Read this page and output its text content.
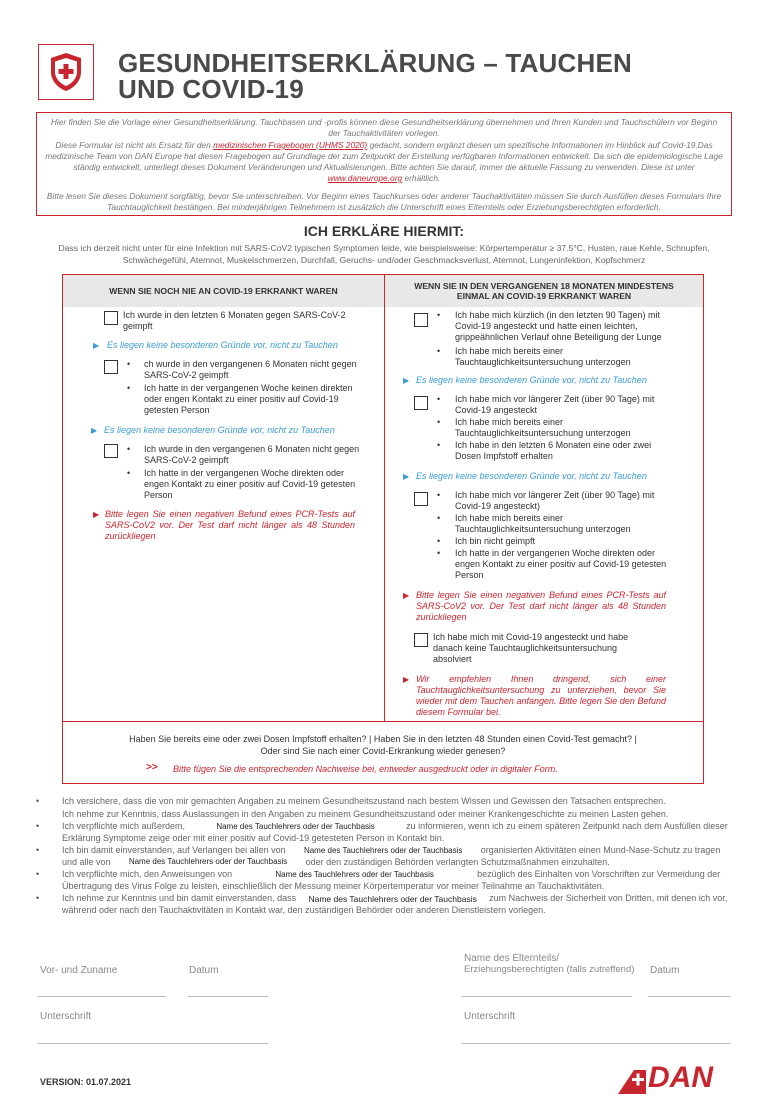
GESUNDHEITSERKLÄRUNG – TAUCHEN
UND COVID-19

Hier finden Sie die Vorlage einer Gesundheitserklärung. Tauchbasen und -profis können diese Gesundheitserklärung übernehmen und Ihren Kunden und Tauchschülern vor Beginn der Tauchaktivitäten vorlegen.

Diese Formular ist nicht als Ersatz für den medizinischen Fragebogen (UHMS 2020) gedacht, sondern ergänzt diesen um spezifische Informationen im Hinblick auf Covid-19.Das medizinische Team von DAN Europe hat diesen Fragebogen auf Grundlage der zum Zeitpunkt der Erstellung verfügbaren Informationen entwickelt. Da sich die epidemiologische Lage ständig entwickelt, unterliegt dieses Dokument Veränderungen und Aktualisierungen. Bitte achten Sie darauf, immer die aktuelle Fassung zu verwenden. Diese ist unter www.daneurope.org erhältlich.

Bitte lesen Sie dieses Dokument sorgfältig, bevor Sie unterschreiben. Vor Beginn eines Tauchkurses oder anderer Tauchaktivitäten müssen Sie durch Ausfüllen dieses Formulars Ihre Tauchtauglichkeit bestätigen. Bei minderjährigen Teilnehmern ist zusätzlich die Unterschrift eines Elternteils oder Erziehungsberechtigten erforderlich.

ICH ERKLÄRE HIERMIT:
Dass ich derzeit nicht unter für eine Infektion mit SARS-CoV2 typischen Symptomen leide, wie beispielsweise: Körpertemperatur ≥ 37.5°C, Husten, raue Kehle, Schnupfen, Schwächegefühl, Atemnot, Muskelschmerzen, Durchfall, Geruchs- und/oder Geschmacksverlust, Atemnot, Lungeninfektion, Kopfschmerz
WENN SIE NOCH NIE AN COVID-19 ERKRANKT WAREN	WENN SIE IN DEN VERGANGENEN 18 MONATEN MINDESTENS EINMAL AN COVID-19 ERKRANKT WAREN
Ich wurde in den letzten 6 Monaten gegen SARS-CoV-2 geimpft
▶ Es liegen keine besonderen Gründe vor, nicht zu Tauchen
• ch wurde in den vergangenen 6 Monaten nicht gegen SARS-CoV-2 geimpft
• Ich hatte in der vergangenen Woche keinen direkten oder engen Kontakt zu einer positiv auf Covid-19 getesten Person
▶ Es liegen keine besonderen Gründe vor, nicht zu Tauchen
• Ich wurde in den vergangenen 6 Monaten nicht gegen SARS-CoV-2 geimpft
• Ich hatte in der vergangenen Woche direkten oder engen Kontakt zu einer positiv auf Covid-19 getesten Person
▶ Bitte legen Sie einen negativen Befund eines PCR-Tests auf SARS-CoV2 vor. Der Test darf nicht länger als 48 Stunden zurückliegen
• Ich habe mich kürzlich (in den letzten 90 Tagen) mit Covid-19 angesteckt und hatte einen leichten, grippeähnlichen Verlauf ohne Beteiligung der Lunge
• Ich habe mich bereits einer Tauchtauglichkeitsuntersuchung unterzogen
▶ Es liegen keine besonderen Gründe vor, nicht zu Tauchen
• Ich habe mich vor längerer Zeit (über 90 Tage) mit Covid-19 angesteckt
• Ich habe mich bereits einer Tauchtauglichkeitsuntersuchung unterzogen
• Ich habe in den letzten 6 Monaten eine oder zwei Dosen Impfstoff erhalten
▶ Es liegen keine besonderen Gründe vor, nicht zu Tauchen
• Ich habe mich vor längerer Zeit (über 90 Tage) mit Covid-19 angesteckt)
• Ich habe mich bereits einer Tauchtauglichkeitsuntersuchung unterzogen
• Ich bin nicht geimpft
• Ich hatte in der vergangenen Woche direkten oder engen Kontakt zu einer positiv auf Covid-19 getesten Person
▶ Bitte legen Sie einen negativen Befund eines PCR-Tests auf SARS-CoV2 vor. Der Test darf nicht länger als 48 Stunden zurückliegen
Ich habe mich mit Covid-19 angesteckt und habe danach keine Tauchtauglichkeitsuntersuchung absolviert
▶ Wir empfehlen Ihnen dringend, sich einer Tauchtauglichkeitsuntersuchung zu unterziehen, bevor Sie wieder mit dem Tauchen anfangen. Bitte legen Sie den Befund diesem Formular bei.
Haben Sie bereits eine oder zwei Dosen Impfstoff erhalten? | Haben Sie in den letzten 48 Stunden einen Covid-Test gemacht? |
Oder sind Sie nach einer Covid-Erkrankung wieder genesen?
>> Bitte fügen Sie die entsprechenden Nachweise bei, entweder ausgedruckt oder in digitaler Form.
•	Ich versichere, dass die von mir gemachten Angaben zu meinem Gesundheitszustand nach bestem Wissen und Gewissen den Tatsachen entsprechen.
Ich nehme zur Kenntnis, dass Auslassungen in den Angaben zu meinem Gesundheitszustand oder meiner Krankengeschichte zu meinen Lasten gehen.
•	Ich verpflichte mich außerdem,	Name des Tauchlehrers oder der Tauchbasis	zu informieren, wenn ich zu einem späteren Zeitpunkt nach dem Ausfüllen dieser Erklärung Symptome zeige oder mit einer positiv auf Covid-19 getesteten Person in Kontakt bin.
•	Ich bin damit einverstanden, auf Verlangen bei allen von Name des Tauchlehrers oder der Tauchbasis organisierten Aktivitäten einen Mund-Nase-Schutz zu tragen und alle von Name des Tauchlehrers oder der Tauchbasis oder den zuständigen Behörden verlangten Schutzmaßnahmen einzuhalten.
•	Ich verpflichte mich, den Anweisungen von	Name des Tauchlehrers oder der Tauchbasis	bezüglich des Einhalten von Vorschriften zur Vermeidung der Übertragung des Virus Folge zu leisten, einschließlich der Messung meiner Körpertemperatur vor meiner Teilnahme an Tauchaktivitäten.
•	Ich nehme zur Kenntnis und bin damit einverstanden, dass Name des Tauchlehrers oder der Tauchbasis zum Nachweis der Sicherheit von Dritten, mit denen ich vor, während oder nach den Tauchaktivitäten in Kontakt war, den zuständigen Behörder oder anderen Dienstleistern vorlegen.
Vor- und Zuname	Datum
Name des Elternteils/
Erziehungsberechtigten (falls zutreffend) Datum
Unterschrift	Unterschrift
VERSION: 01.07.2021	DAN
